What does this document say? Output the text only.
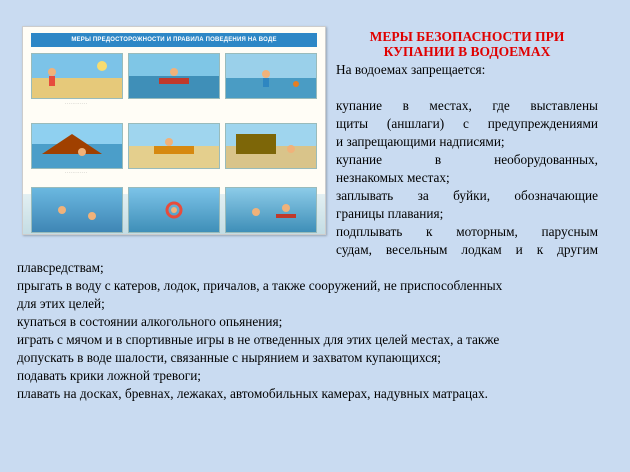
МЕРЫ ПРЕДОСТОРОЖНОСТИ И ПРАВИЛА ПОВЕДЕНИЯ НА ВОДЕ
. . . . . . . . . . . .
. . . . . . . . . . . .
МЕРЫ БЕЗОПАСНОСТИ ПРИ
КУПАНИИ В ВОДОЕМАХ
На водоемах запрещается:
купание в местах, где выставлены
щиты (аншлаги) с предупреждениями
и запрещающими надписями;
купание в необорудованных,
незнакомых местах;
заплывать за буйки, обозначающие
границы плавания;
подплывать к моторным, парусным
судам, весельным лодкам и к другим
плавсредствам;
прыгать в воду с катеров, лодок, причалов, а также сооружений, не приспособленных
для этих целей;
купаться в состоянии алкогольного опьянения;
играть с мячом и в спортивные игры в не отведенных для этих целей местах, а также
допускать в воде шалости, связанные с нырянием и захватом купающихся;
подавать крики ложной тревоги;
плавать на досках, бревнах, лежаках, автомобильных камерах, надувных матрацах.
